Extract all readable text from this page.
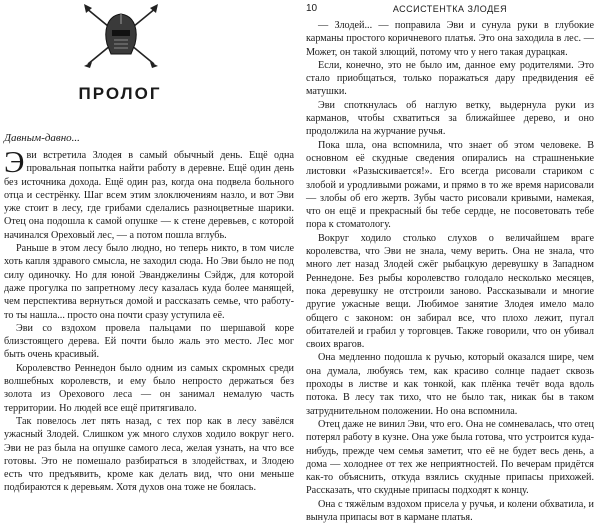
ПРОЛОГ

Давным-давно...

Эви встретила Злодея в самый обычный день. Ещё одна провальная попытка найти работу в деревне. Ещё один день без источника дохода. Ещё один раз, когда она подвела больного отца и сестрёнку. Шаг всем этим злоключениям назло, и вот Эви уже стоит в лесу, где грибами сделались разноцветные шарики. Отец она подошла к самой опушке — к стене деревьев, с которой начинался Ореховый лес, — а потом пошла вглубь.

Раньше в этом лесу было людно, но теперь никто, в том числе хоть капля здравого смысла, не заходил сюда. Но Эви было не под силу одиночку. Но для юной Эванджелины Сэйдж, для которой даже прогулка по запретному лесу казалась куда более манящей, чем перспектива вернуться домой и рассказать семье, что работу-то ты нашла... просто она почти сразу уступила её.

Эви со вздохом провела пальцами по шершавой коре близстоящего дерева. Ей почти было жаль это место. Лес мог быть очень красивый.

Королевство Реннедон было одним из самых скромных среди волшебных королевств, и ему было непросто держаться без золота из Орехового леса — он занимал немалую часть территории. Но людей все ещё притягивало.

Так повелось лет пять назад, с тех пор как в лесу завёлся ужасный Злодей. Слишком уж много слухов ходило вокруг него. Эви не раз была на опушке самого леса, желая узнать, на что все готовы. Это не помешало разбираться в злодействах, и Злодею есть что предъявить, кроме как делать вид, что они меньше подбираются к деревьям. Хотя духов она тоже не боялась.

10	АССИСТЕНТКА ЗЛОДЕЯ

— Злодей... — поправила Эви и сунула руки в глубокие карманы простого коричневого платья. Это она заходила в лес. — Может, он такой злющий, потому что у него такая дурацкая.

Если, конечно, это не было им, данное ему родителями. Это стало приобщаться, только поражаться дару предвидения её матушки.

Эви споткнулась об наглую ветку, выдернула руки из карманов, чтобы схватиться за ближайшее дерево, и оно продолжила на журчание ручья.

Пока шла, она вспомнила, что знает об этом человеке. В основном её скудные сведения опирались на страшненькие листовки «Разыскивается!». Его всегда рисовали стариком с злобой и уродливыми рожами, и прямо в то же время нарисовали — злобы об его жертв. Зубы часто рисовали кривыми, намекая, что он ещё и прекрасный бы тебе сердце, не посоветовать тебе пора к стоматологу.

Вокруг ходило столько слухов о величайшем враге королевства, что Эви не знала, чему верить. Она не знала, что много лет назад Злодей сжёг рыбацкую деревушку в Западном Реннедоне. Без рыбы королевство голодало несколько месяцев, пока деревушку не отстроили заново. Рассказывали и многие другие ужасные вещи. Любимое занятие Злодея имело мало общего с законом: он забирал все, что плохо лежит, пугал обитателей и грабил у торговцев. Также говорили, что он убивал своих врагов.

Она медленно подошла к ручью, который оказался шире, чем она думала, любуясь тем, как красиво солнце падает сквозь проходы в листве и как тонкой, как плёнка течёт вода вдоль потока. В лесу так тихо, что не было так, никак бы в таком затруднительном положении. Но она вспомнила.

Отец даже не винил Эви, что его. Она не сомневалась, что отец потерял работу в кузне. Она уже была готова, что устроится куда-нибудь, прежде чем семья заметит, что её не будет весь день, а дома — холоднее от тех же неприятностей. По вечерам придётся как-то объяснить, откуда взялись скудные припасы прихожей. Рассказать, что скудные припасы подходят к концу.

Она с тяжёлым вздохом присела у ручья, и колени обхватила, и вынула припасы вот в кармане платья.
